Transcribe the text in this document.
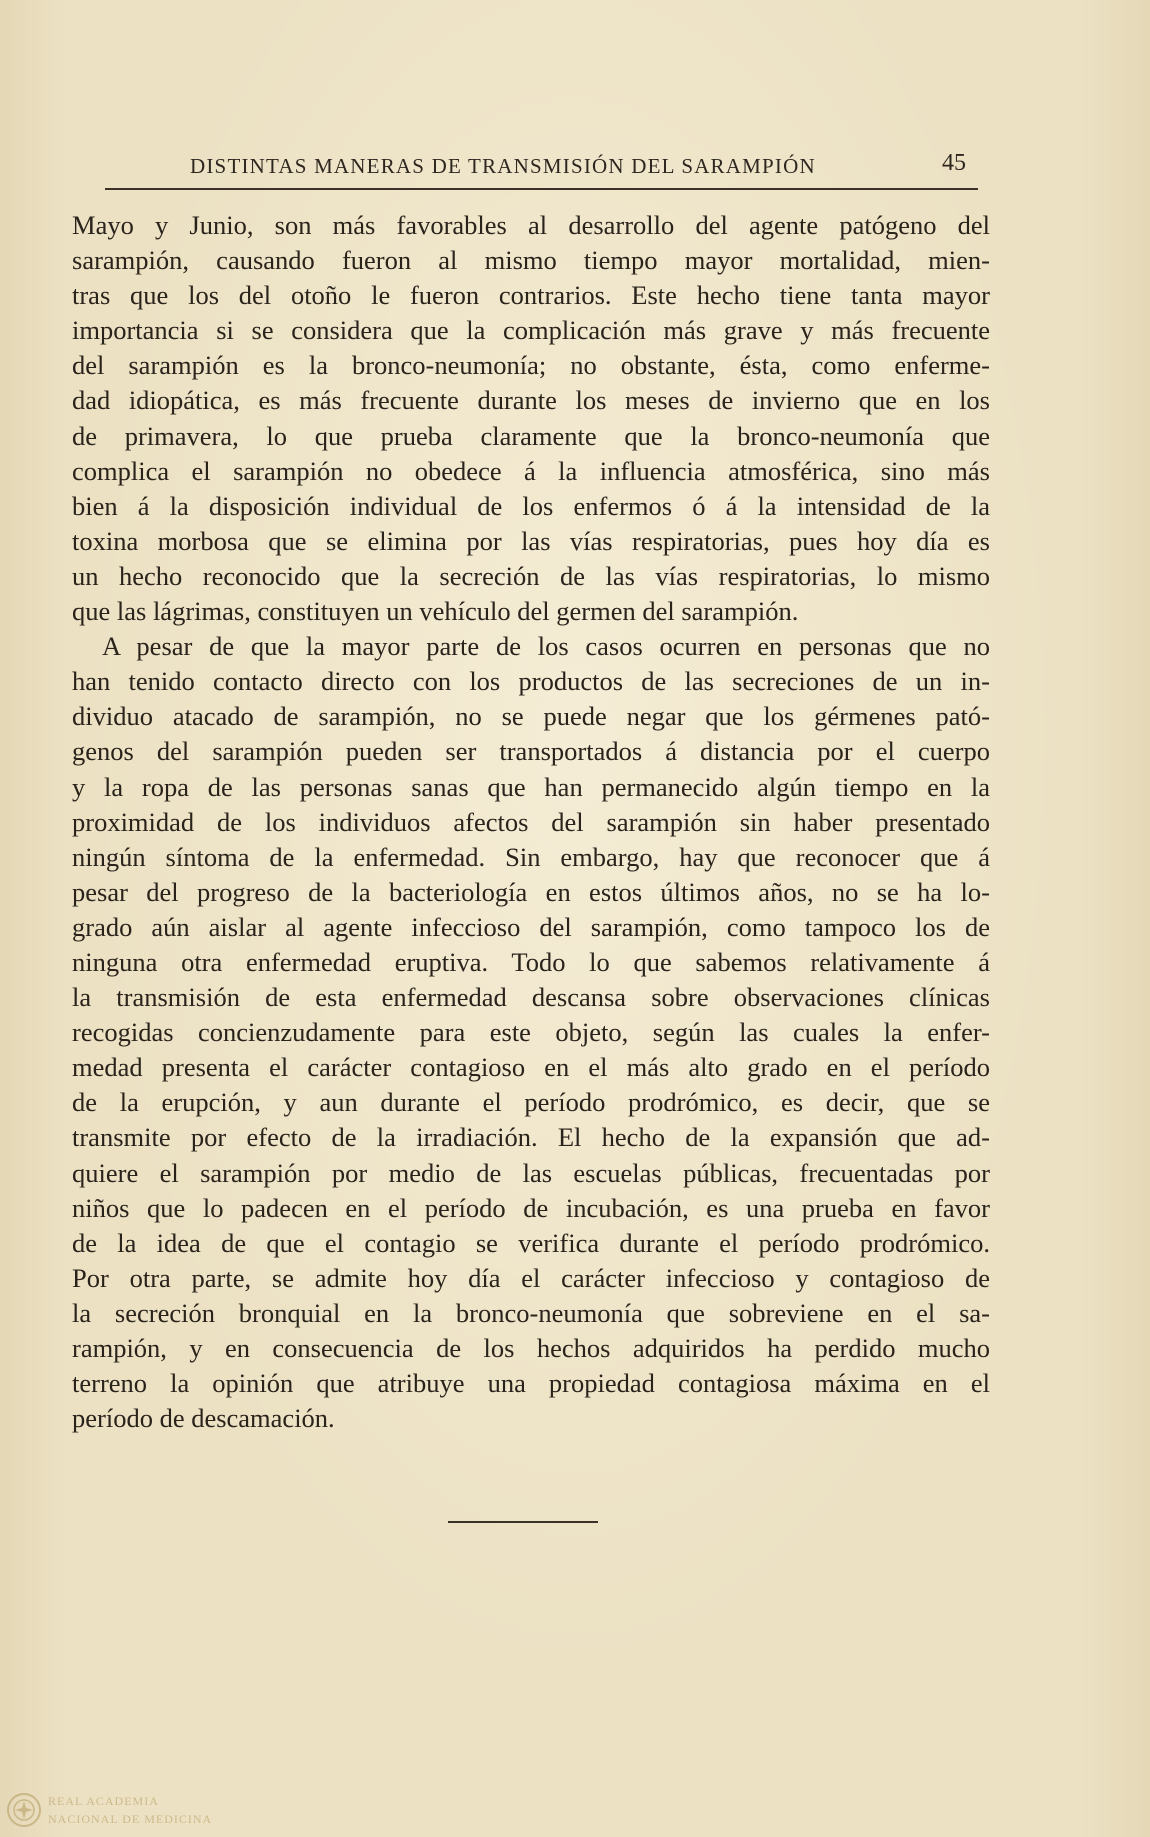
DISTINTAS MANERAS DE TRANSMISIÓN DEL SARAMPIÓN	45
Mayo y Junio, son más favorables al desarrollo del agente patógeno del
sarampión, causando fueron al mismo tiempo mayor mortalidad, mien-
tras que los del otoño le fueron contrarios. Este hecho tiene tanta mayor
importancia si se considera que la complicación más grave y más frecuente
del sarampión es la bronco-neumonía; no obstante, ésta, como enferme-
dad idiopática, es más frecuente durante los meses de invierno que en los
de primavera, lo que prueba claramente que la bronco-neumonía que
complica el sarampión no obedece á la influencia atmosférica, sino más
bien á la disposición individual de los enfermos ó á la intensidad de la
toxina morbosa que se elimina por las vías respiratorias, pues hoy día es
un hecho reconocido que la secreción de las vías respiratorias, lo mismo
que las lágrimas, constituyen un vehículo del germen del sarampión.
A pesar de que la mayor parte de los casos ocurren en personas que no
han tenido contacto directo con los productos de las secreciones de un in-
dividuo atacado de sarampión, no se puede negar que los gérmenes pató-
genos del sarampión pueden ser transportados á distancia por el cuerpo
y la ropa de las personas sanas que han permanecido algún tiempo en la
proximidad de los individuos afectos del sarampión sin haber presentado
ningún síntoma de la enfermedad. Sin embargo, hay que reconocer que á
pesar del progreso de la bacteriología en estos últimos años, no se ha lo-
grado aún aislar al agente infeccioso del sarampión, como tampoco los de
ninguna otra enfermedad eruptiva. Todo lo que sabemos relativamente á
la transmisión de esta enfermedad descansa sobre observaciones clínicas
recogidas concienzudamente para este objeto, según las cuales la enfer-
medad presenta el carácter contagioso en el más alto grado en el período
de la erupción, y aun durante el período prodrómico, es decir, que se
transmite por efecto de la irradiación. El hecho de la expansión que ad-
quiere el sarampión por medio de las escuelas públicas, frecuentadas por
niños que lo padecen en el período de incubación, es una prueba en favor
de la idea de que el contagio se verifica durante el período prodrómico.
Por otra parte, se admite hoy día el carácter infeccioso y contagioso de
la secreción bronquial en la bronco-neumonía que sobreviene en el sa-
rampión, y en consecuencia de los hechos adquiridos ha perdido mucho
terreno la opinión que atribuye una propiedad contagiosa máxima en el
período de descamación.
REAL ACADEMIA
NACIONAL DE MEDICINA
